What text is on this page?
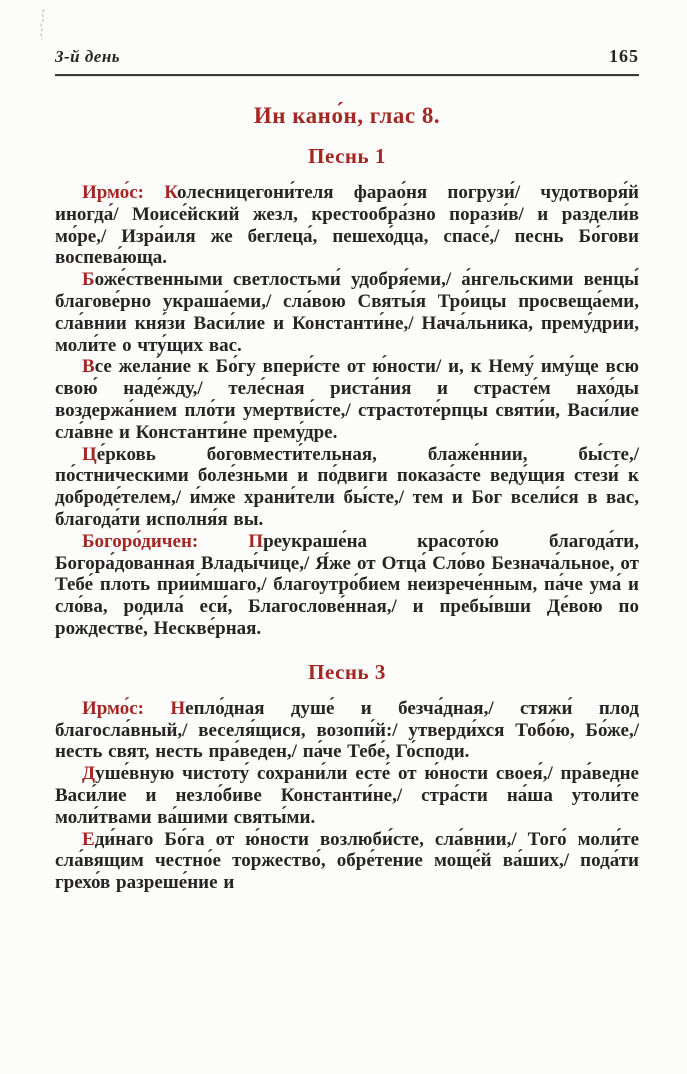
3-й день	165
Ин кано́н, глас 8.
Песнь 1

Ирмо́с: Колесницегони́теля фарао́ня погрузи́/ чудотворя́й иногда́/ Моисе́йский жезл, крестообра́зно порази́в/ и раздели́в мо́ре,/ Изра́иля же беглеца́, пешехо́дца, спасе́,/ песнь Бо́гови воспева́юща.

Боже́ственными светлостьми́ удобря́еми,/ а́нгельскими венцы́ благове́рно украша́еми,/ сла́вою Святы́я Тро́ицы просвеща́еми, сла́внии кня́зи Васи́лие и Константи́не,/ Нача́льника, прему́дрии, моли́те о чту́щих вас.

Все жела́ние к Бо́гу впери́сте от ю́ности/ и, к Нему́ иму́ще всю свою́ наде́жду,/ теле́сная риста́ния и страсте́м нахо́ды воздержа́нием пло́ти умертви́сте,/ страстоте́рпцы святи́и, Васи́лие сла́вне и Константи́не прему́дре.

Це́рковь боговмести́тельная, блаже́ннии, бы́сте,/ по́стническими боле́зньми и по́двиги показа́сте веду́щия стези́ к доброде́телем,/ и́мже храни́тели бы́сте,/ тем и Бог всели́ся в вас, благода́ти исполня́я вы.

Богоро́дичен: Преукраше́на красото́ю благода́ти, Богора́дованная Влады́чице,/ Я́же от Отца́ Сло́во Безнача́льное, от Тебе́ плоть прии́мшаго,/ благоутро́бием неизрече́нным, па́че ума́ и сло́ва, родила́ еси́, Благослове́нная,/ и пребы́вши Де́вою по рождестве́, Нескве́рная.

Песнь 3

Ирмо́с: Непло́дная душе́ и безча́дная,/ стяжи́ плод благосла́вный,/ веселя́щися, возопи́й:/ утверди́хся Тобо́ю, Бо́же,/ несть свят, несть пра́веден,/ па́че Тебе́, Го́споди.

Душе́вную чистоту́ сохрани́ли есте́ от ю́ности своея́,/ пра́ведне Васи́лие и незло́биве Константи́не,/ стра́сти на́ша утоли́те моли́твами ва́шими святы́ми.

Еди́наго Бо́га от ю́ности возлюби́сте, сла́внии,/ Того́ моли́те сла́вящим честно́е торжество́, обре́тение моще́й ва́ших,/ пода́ти грехо́в разреше́ние и
